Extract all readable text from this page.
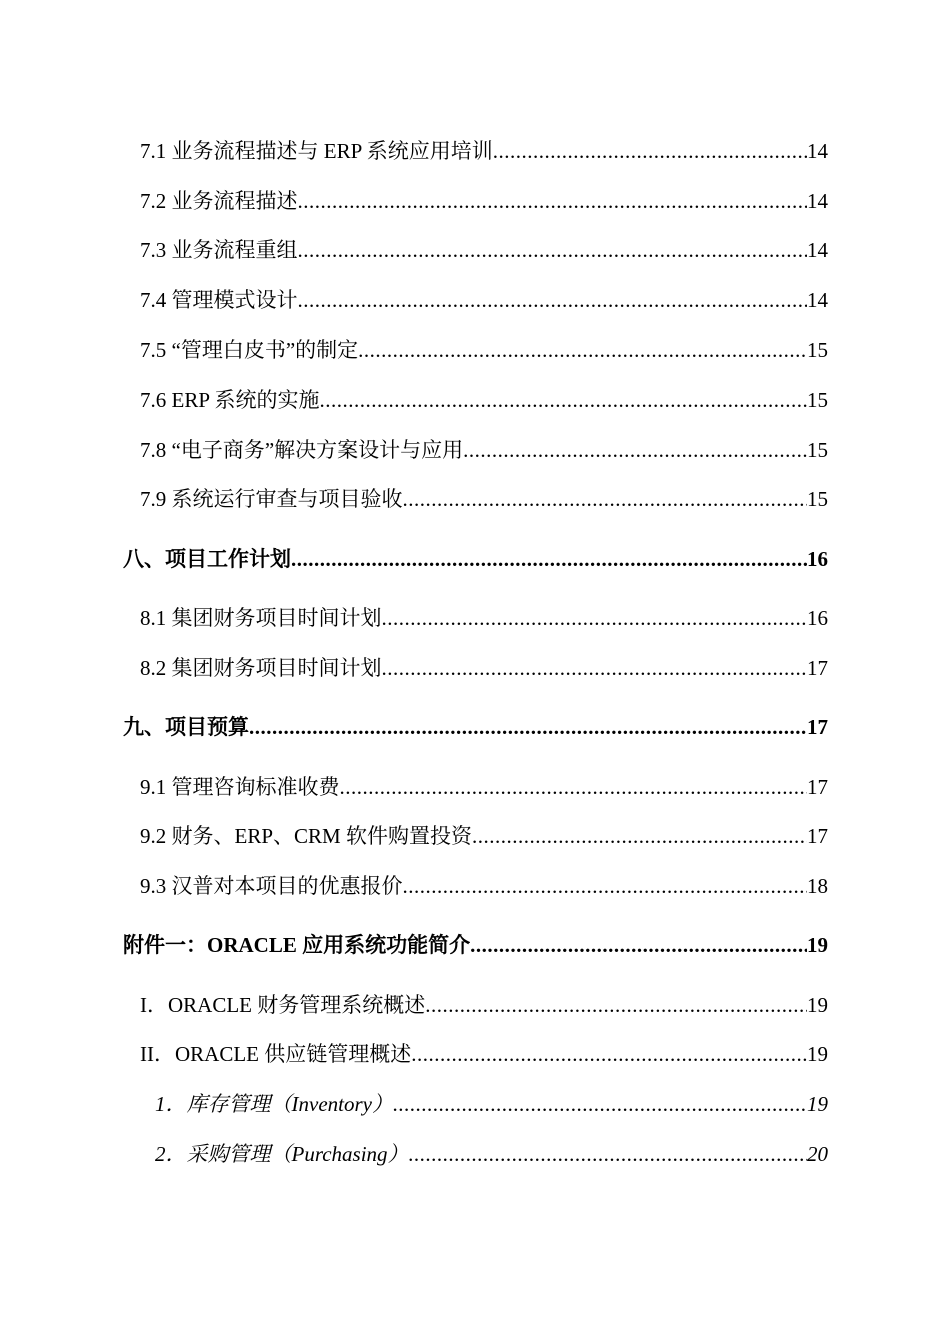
7.1 业务流程描述与 ERP 系统应用培训 .....	14
7.2 业务流程描述 .....	14
7.3 业务流程重组 .....	14
7.4 管理模式设计 .....	14
7.5 “管理白皮书”的制定 .....	15
7.6 ERP 系统的实施 .....	15
7.8 “电子商务”解决方案设计与应用 .....	15
7.9 系统运行审查与项目验收 .....	15
八、项目工作计划 .....	16
8.1 集团财务项目时间计划 .....	16
8.2 集团财务项目时间计划 .....	17
九、项目预算 .....	17
9.1 管理咨询标准收费 .....	17
9.2 财务、ERP、CRM 软件购置投资 .....	17
9.3 汉普对本项目的优惠报价 .....	18
附件一：ORACLE 应用系统功能简介 .....	19
I．ORACLE 财务管理系统概述 .....	19
II．ORACLE 供应链管理概述 .....	19
1．库存管理（Inventory） .....	19
2．采购管理（Purchasing） .....	20
